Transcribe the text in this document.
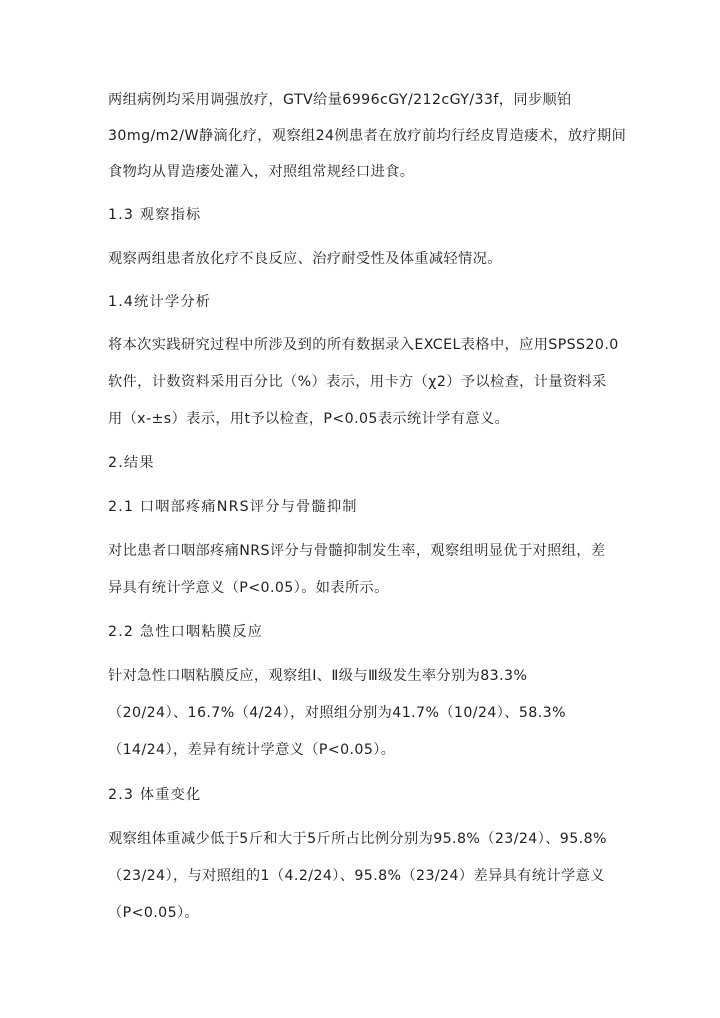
两组病例均采用调强放疗，GTV给量6996cGY/212cGY/33f，同步顺铂
30mg/m2/W静滴化疗，观察组24例患者在放疗前均行经皮胃造瘘术，放疗期间
食物均从胃造瘘处灌入，对照组常规经口进食。
1.3 观察指标
观察两组患者放化疗不良反应、治疗耐受性及体重减轻情况。
1.4统计学分析
将本次实践研究过程中所涉及到的所有数据录入EXCEL表格中，应用SPSS20.0
软件，计数资料采用百分比（%）表示，用卡方（χ2）予以检查，计量资料采
用（x-±s）表示，用t予以检查，P<0.05表示统计学有意义。
2.结果
2.1 口咽部疼痛NRS评分与骨髓抑制
对比患者口咽部疼痛NRS评分与骨髓抑制发生率，观察组明显优于对照组，差
异具有统计学意义（P<0.05）。如表所示。
2.2 急性口咽粘膜反应
针对急性口咽粘膜反应，观察组Ⅰ、Ⅱ级与Ⅲ级发生率分别为83.3%
（20/24）、16.7%（4/24），对照组分别为41.7%（10/24）、58.3%
（14/24），差异有统计学意义（P<0.05）。
2.3 体重变化
观察组体重减少低于5斤和大于5斤所占比例分别为95.8%（23/24）、95.8%
（23/24），与对照组的1（4.2/24）、95.8%（23/24）差异具有统计学意义
（P<0.05）。
